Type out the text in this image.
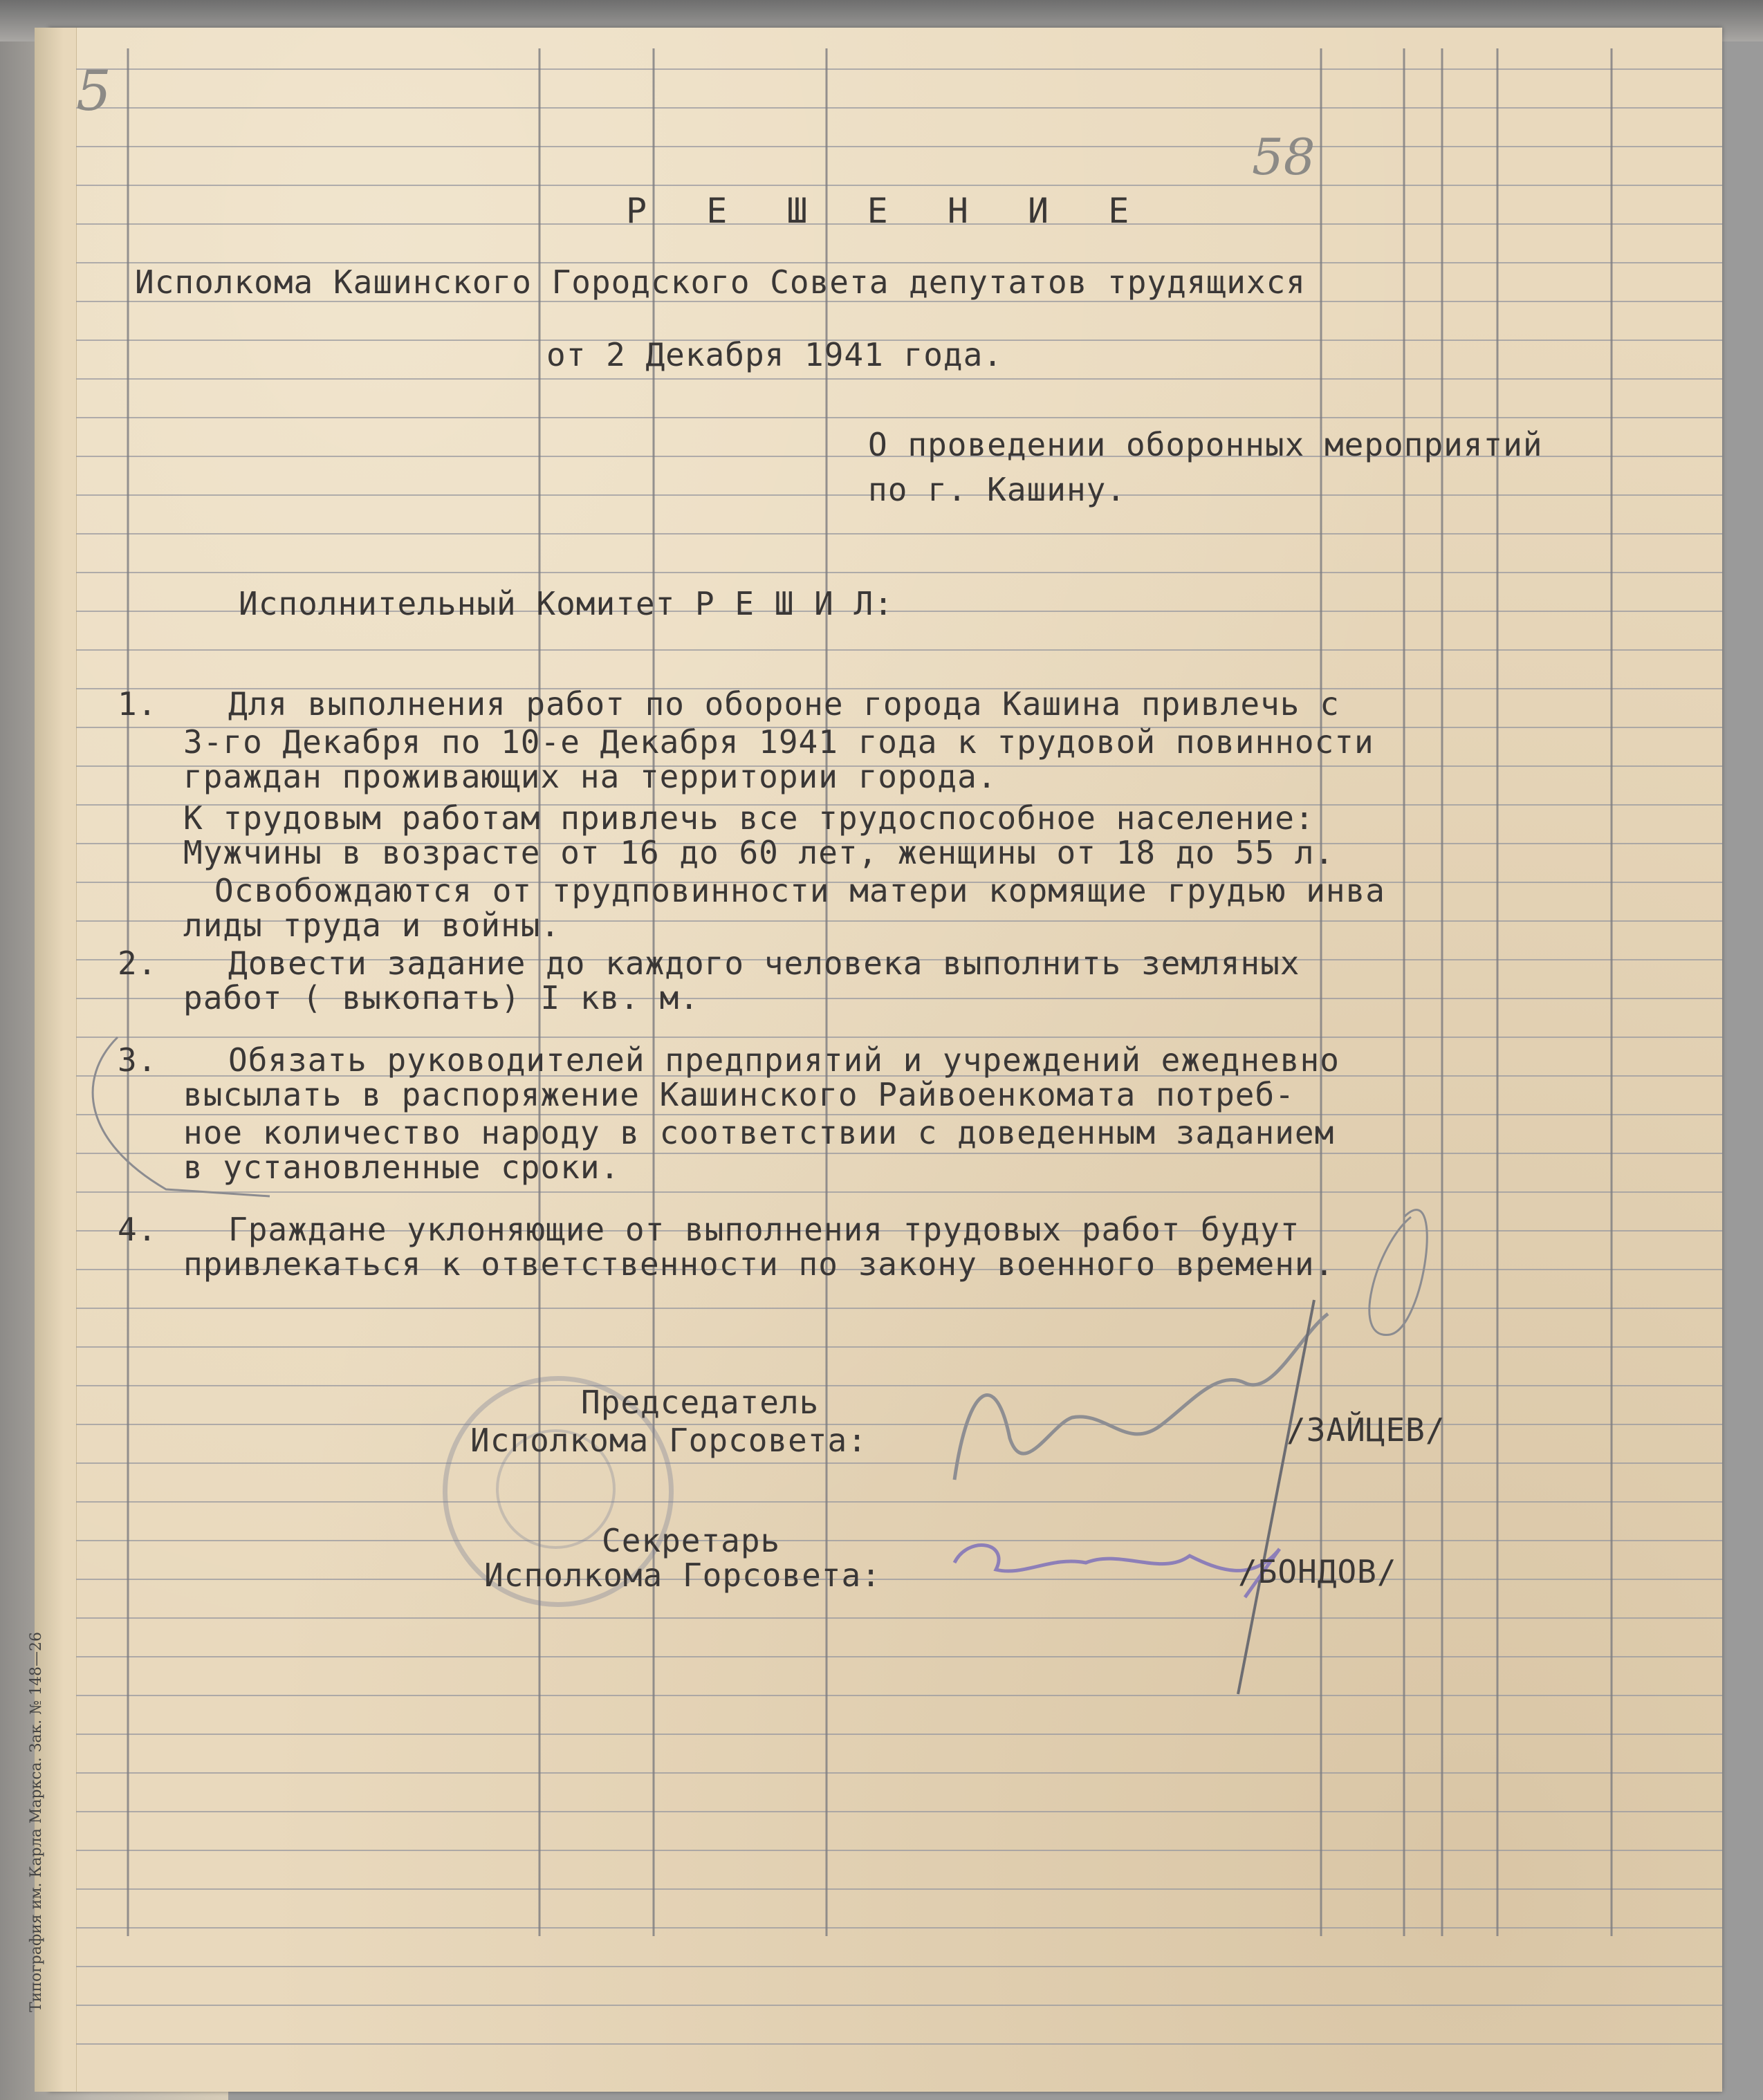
5
58
Р Е Ш Е Н И Е
Исполкома Кашинского Городского Совета депутатов трудящихся
от 2 Декабря 1941 года.
О проведении оборонных мероприятий
по г. Кашину.
Исполнительный Комитет Р Е Ш И Л:
1. Для выполнения работ по обороне города Кашина привлечь с
3-го Декабря по 10-е Декабря 1941 года к трудовой повинности
граждан проживающих на территории города.
К трудовым работам привлечь все трудоспособное население:
Мужчины в возрасте от 16 до 60 лет, женщины от 18 до 55 л.
Освобождаются от трудповинности матери кормящие грудью инва
лиды труда и войны.
2. Довести задание до каждого человека выполнить земляных
работ ( выкопать) I кв. м.
3. Обязать руководителей предприятий и учреждений ежедневно
высылать в распоряжение Кашинского Райвоенкомата потреб-
ное количество народу в соответствии с доведенным заданием
в установленные сроки.
4. Граждане уклоняющие от выполнения трудовых работ будут
привлекаться к ответственности по закону военного времени.
Председатель
Исполкома Горсовета:	/ЗАЙЦЕВ/
Секретарь
Исполкома Горсовета:	/БОНДОВ/
Типография им. Карла Маркса. Зак. № 148—26
